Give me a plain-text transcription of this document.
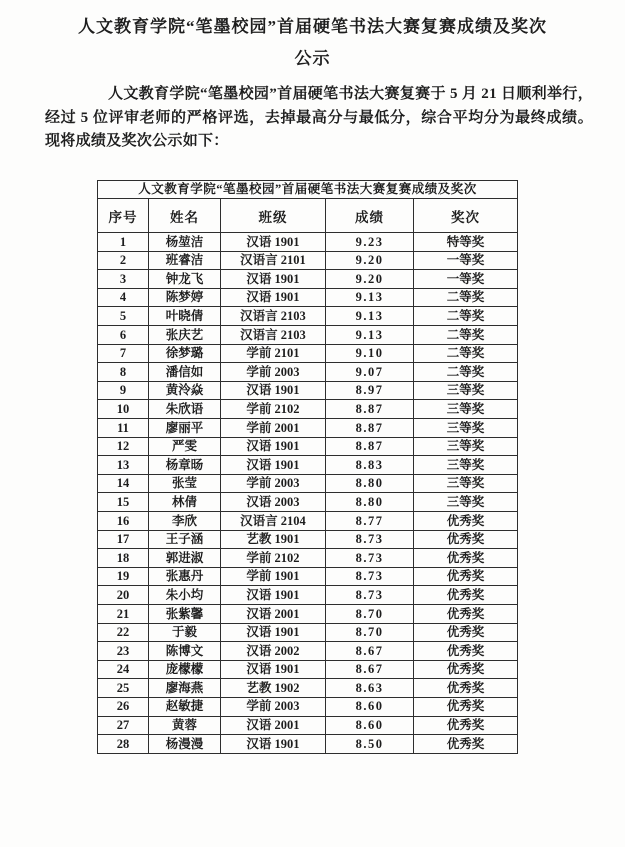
人文教育学院“笔墨校园”首届硬笔书法大赛复赛成绩及奖次
公示

人文教育学院“笔墨校园”首届硬笔书法大赛复赛于 5 月 21 日顺利举行，经过 5 位评审老师的严格评选，去掉最高分与最低分，综合平均分为最终成绩。现将成绩及奖次公示如下：

人文教育学院“笔墨校园”首届硬笔书法大赛复赛成绩及奖次				
序号	姓名	班级	成绩	奖次
1	杨堃洁	汉语 1901	9.23	特等奖
2	班睿洁	汉语言 2101	9.20	一等奖
3	钟龙飞	汉语 1901	9.20	一等奖
4	陈梦婷	汉语 1901	9.13	二等奖
5	叶晓倩	汉语言 2103	9.13	二等奖
6	张庆艺	汉语言 2103	9.13	二等奖
7	徐梦璐	学前 2101	9.10	二等奖
8	潘信如	学前 2003	9.07	二等奖
9	黄泠焱	汉语 1901	8.97	三等奖
10	朱欣语	学前 2102	8.87	三等奖
11	廖丽平	学前 2001	8.87	三等奖
12	严雯	汉语 1901	8.87	三等奖
13	杨章旸	汉语 1901	8.83	三等奖
14	张莹	学前 2003	8.80	三等奖
15	林倩	汉语 2003	8.80	三等奖
16	李欣	汉语言 2104	8.77	优秀奖
17	王子涵	艺教 1901	8.73	优秀奖
18	郭进淑	学前 2102	8.73	优秀奖
19	张惠丹	学前 1901	8.73	优秀奖
20	朱小均	汉语 1901	8.73	优秀奖
21	张紫馨	汉语 2001	8.70	优秀奖
22	于毅	汉语 1901	8.70	优秀奖
23	陈博文	汉语 2002	8.67	优秀奖
24	庞檬檬	汉语 1901	8.67	优秀奖
25	廖海燕	艺教 1902	8.63	优秀奖
26	赵敏捷	学前 2003	8.60	优秀奖
27	黄蓉	汉语 2001	8.60	优秀奖
28	杨漫漫	汉语 1901	8.50	优秀奖
